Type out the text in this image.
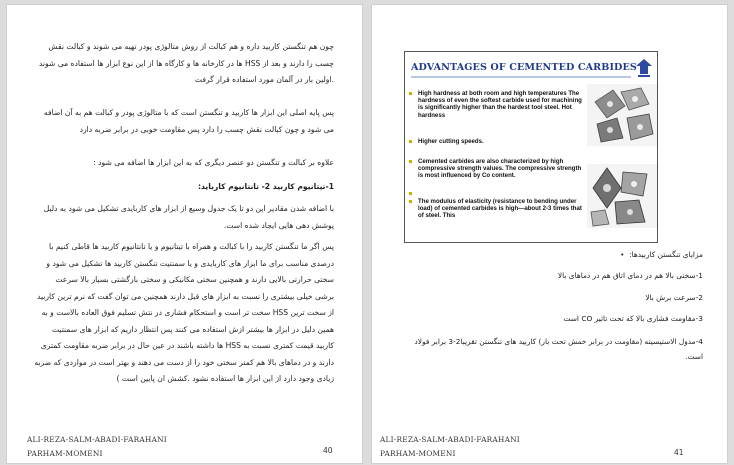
چون هم تنگستن کاربید داره و هم کبالت از روش متالوژی پودر تهیه می شوند و کبالت نقش چسب را دارند و بعد از HSS ها در کارخانه ها و کارگاه ها از این نوع ابزار ها استفاده می شوند .اولین بار در آلمان مورد استفاده قرار گرفت

پس پایه اصلی این ابزار ها کاربید و تنگستن است که با متالوژی پودر و کبالت هم به آن اضافه می شود و چون کبالت نقش چسب را دارد پس مقاومت خوبی در برابر ضربه دارد

علاوه بر کبالت و تنگستن دو عنصر دیگری که به این ابزار ها اضافه می شود :

1-تیتانیوم کاربید 2- تانتانیوم کارباید:

با اضافه شدن مقادیر این دو تا یک جدول وسیع از ابزار های کاربایدی تشکیل می شود به دلیل پوشش دهی هایی ایجاد شده است.

پس اگر ما تنگستن کاربید را با کبالت و همراه با تیتانیوم و یا تانتانیوم کاربید ها قاطی کنیم با درصدی مناسب برای ما ابزار های کاربایدی و یا سمنتیت تنگستن کاربید ها تشکیل می شود و سختی حرارتی بالایی دارند و همچنین سختی مکانیکی و سختی بارگشتی بسیار بالا سرعت برشی خیلی بیشتری را نسبت به ابزار های قبل دارند همچنین می توان گفت که نرم ترین کاربید از سخت ترین HSS سخت تر است و استحکام فشاری در نتش تسلیم فوق العاده بالاست و به همین دلیل در ابزار ها بیشتر ازش استفاده می کنند پس انتظار داریم که ابزار های سمنتیت کاربید قیمت کمتری نسبت به HSS ها داشته باشند در عین حال در برابر ضربه مقاومت کمتری دارند و در دماهای بالا هم کمتر سختی خود را از دست می دهند و بهتر است در مواردی که ضربه زیادی وجود دارد از این ابزار ها استفاده نشود .کشش ان پایین است )

ALI-REZA-SALM-ABADI-FARAHANI
PARHAM-MOMENI	40
ADVANTAGES OF CEMENTED CARBIDES
High hardness at both room and high temperatures The hardness of even the softest carbide used for machining is significantly higher than the hardest tool steel. Hot hardness
Higher cutting speeds.
Cemented carbides are also characterized by high compressive strength values. The compressive strength is most influenced by Co content.
The modulus of elasticity (resistance to bending under load) of cemented carbides is high—about 2-3 times that of steel. This
مزایای تنگستن کاربیدها:  •
1-سختی بالا هم در دمای اتاق هم در دماهای بالا
2-سرعت برش بالا
3-مقاومت فشاری بالا که تحت تاثیر CO است
4-مدول الاستیسیته (مقاومت در برابر خمش تحت بار) کاربید های تنگستن تقریبا2-3 برابر فولاد است.
ALI-REZA-SALM-ABADI-FARAHANI
PARHAM-MOMENI	41
